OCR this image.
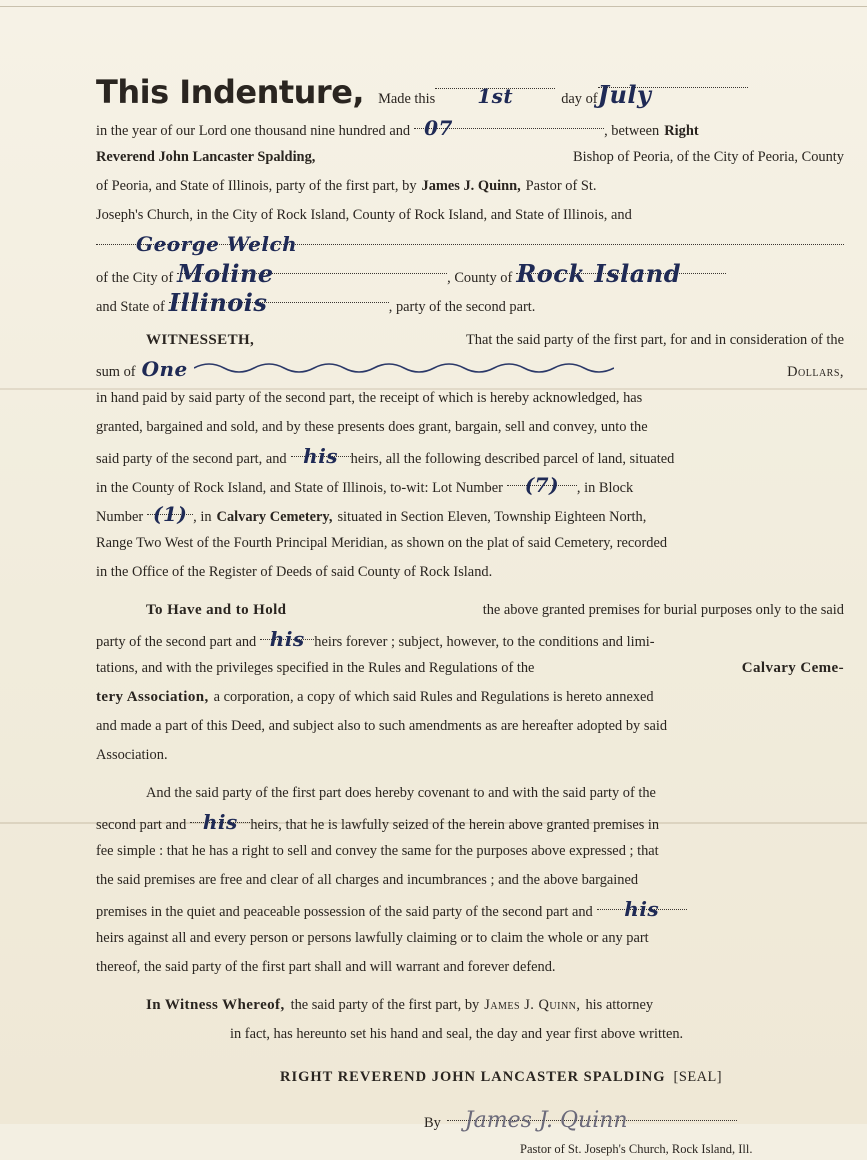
This Indenture, Made this	1st	day of July
in the year of our Lord one thousand nine hundred and 07	, between Right
Reverend John Lancaster Spalding,	Bishop of Peoria, of the City of Peoria, County
of Peoria, and State of Illinois, party of the first part, by James J. Quinn, Pastor of St.
Joseph's Church, in the City of Rock Island, County of Rock Island, and State of Illinois, and
George Welch
of the City of Moline	, County of Rock Island
and State of Illinois	, party of the second part.
WITNESSETH,	That the said party of the first part, for and in consideration of the
sum of One	Dollars,
in hand paid by said party of the second part, the receipt of which is hereby acknowledged, has
granted, bargained and sold, and by these presents does grant, bargain, sell and convey, unto the
said party of the second part, and his heirs, all the following described parcel of land, situated
in the County of Rock Island, and State of Illinois, to-wit: Lot Number	(7)	, in Block
Number (1) , in Calvary Cemetery, situated in Section Eleven, Township Eighteen North,
Range Two West of the Fourth Principal Meridian, as shown on the plat of said Cemetery, recorded
in the Office of the Register of Deeds of said County of Rock Island.
To Have and to Hold	the above granted premises for burial purposes only to the said
party of the second part and his heirs forever ; subject, however, to the conditions and limi-
tations, and with the privileges specified in the Rules and Regulations of the	Calvary Ceme-
tery Association, a corporation, a copy of which said Rules and Regulations is hereto annexed
and made a part of this Deed, and subject also to such amendments as are hereafter adopted by said
Association.
And the said party of the first part does hereby covenant to and with the said party of the
second part and his heirs, that he is lawfully seized of the herein above granted premises in
fee simple : that he has a right to sell and convey the same for the purposes above expressed ; that
the said premises are free and clear of all charges and incumbrances ; and the above bargained
premises in the quiet and peaceable possession of the said party of the second part and	his
heirs against all and every person or persons lawfully claiming or to claim the whole or any part
thereof, the said party of the first part shall and will warrant and forever defend.
In Witness Whereof, the said party of the first part, by James J. Quinn, his attorney
in fact, has hereunto set his hand and seal, the day and year first above written.
RIGHT REVEREND JOHN LANCASTER SPALDING [SEAL]
By	James J. Quinn
Pastor of St. Joseph's Church, Rock Island, Ill.
